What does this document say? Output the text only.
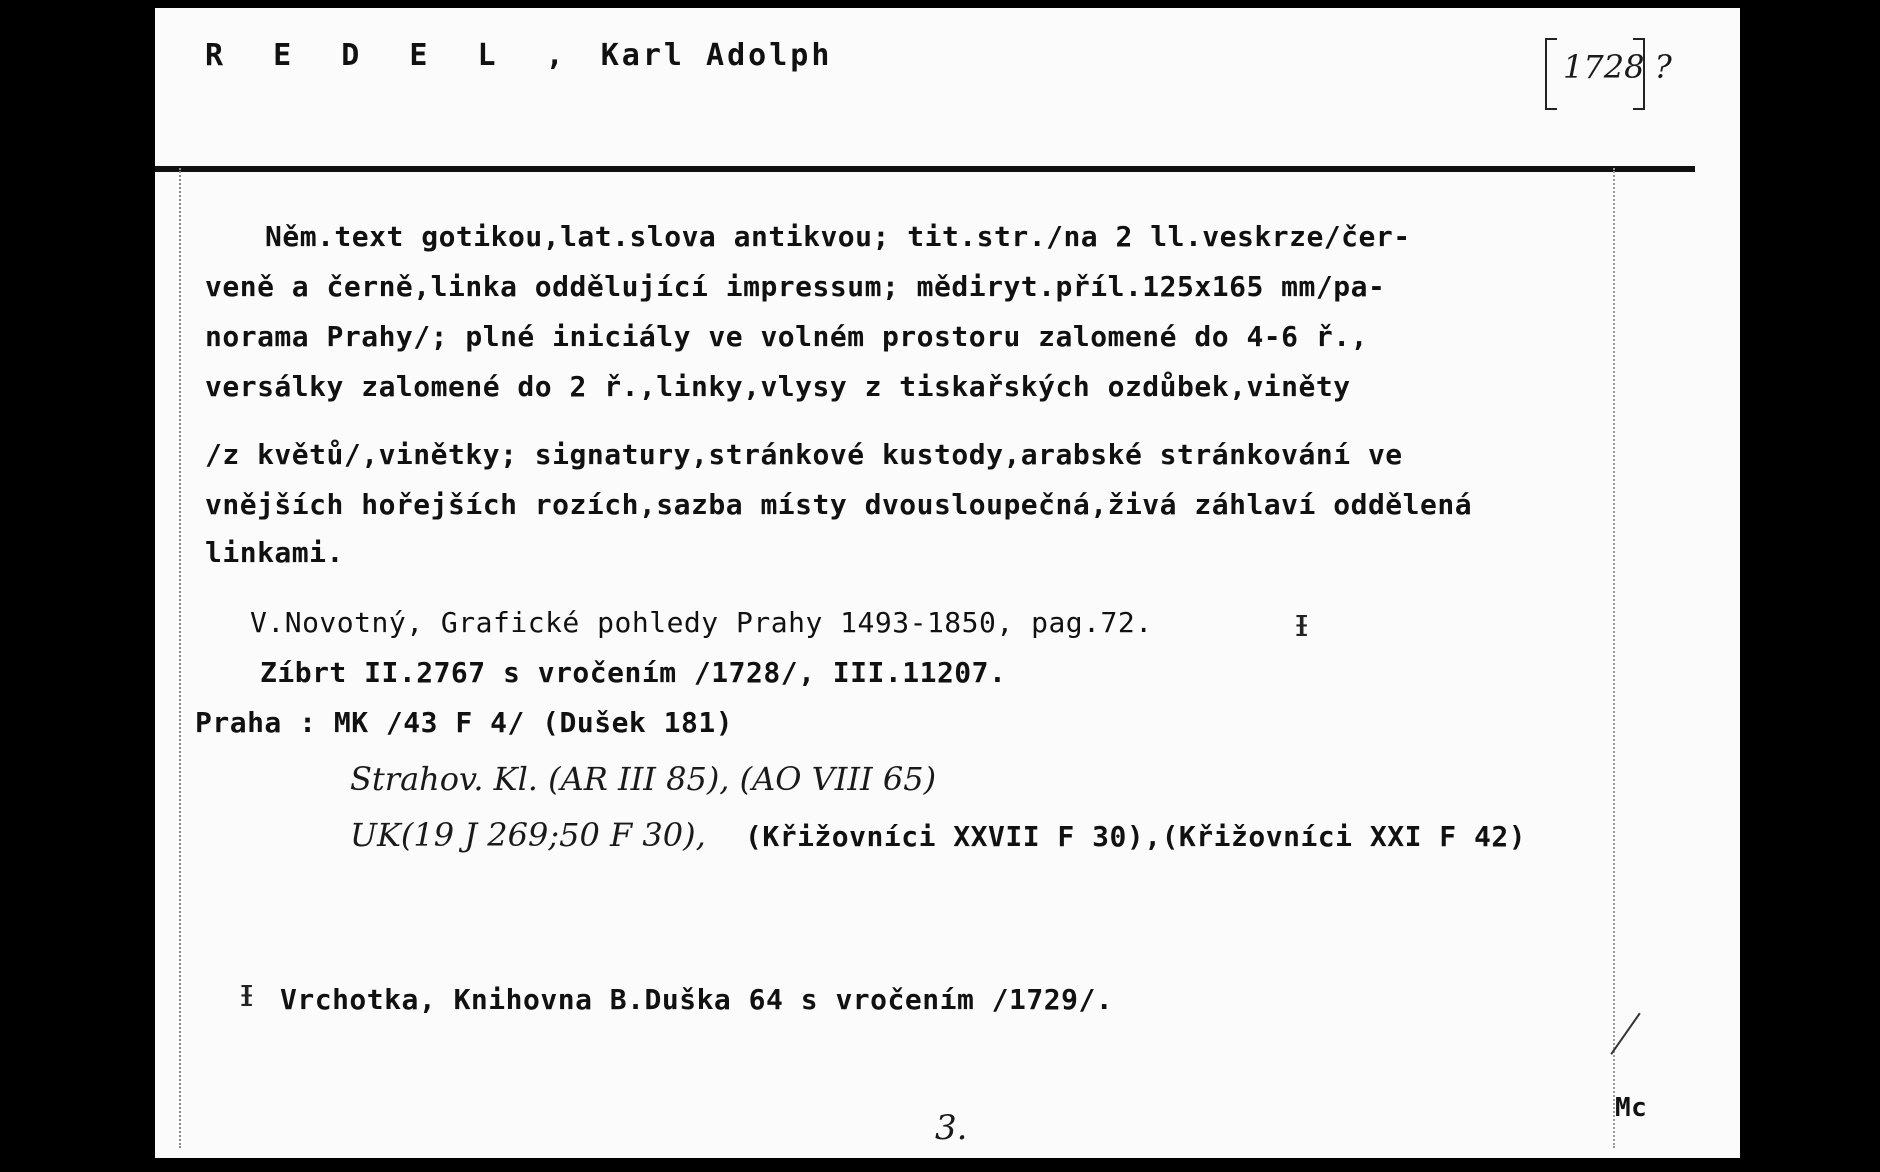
R E D E L , Karl Adolph	1728 ?
Něm.text gotikou,lat.slova antikvou; tit.str./na 2 ll.veskrze/čer-
veně a černě,linka oddělující impressum; mědiryt.příl.125x165 mm/pa-
norama Prahy/; plné iniciály ve volném prostoru zalomené do 4-6 ř.,
versálky zalomené do 2 ř.,linky,vlysy z tiskařských ozdůbek,viněty
/z květů/,vinětky; signatury,stránkové kustody,arabské stránkování ve
vnějších hořejších rozích,sazba místy dvousloupečná,živá záhlaví oddělená
linkami.
V.Novotný, Grafické pohledy Prahy 1493-1850, pag.72.	ᵻ
Zíbrt II.2767 s vročením /1728/, III.11207.
Praha : MK /43 F 4/ (Dušek 181)
Strahov. Kl. (AR III 85), (AO VIII 65)
UK(19 J 269;50 F 30), (Křižovníci XXVII F 30),(Křižovníci XXI F 42)
ᵻ Vrchotka, Knihovna B.Duška 64 s vročením /1729/.
Mc
3.
